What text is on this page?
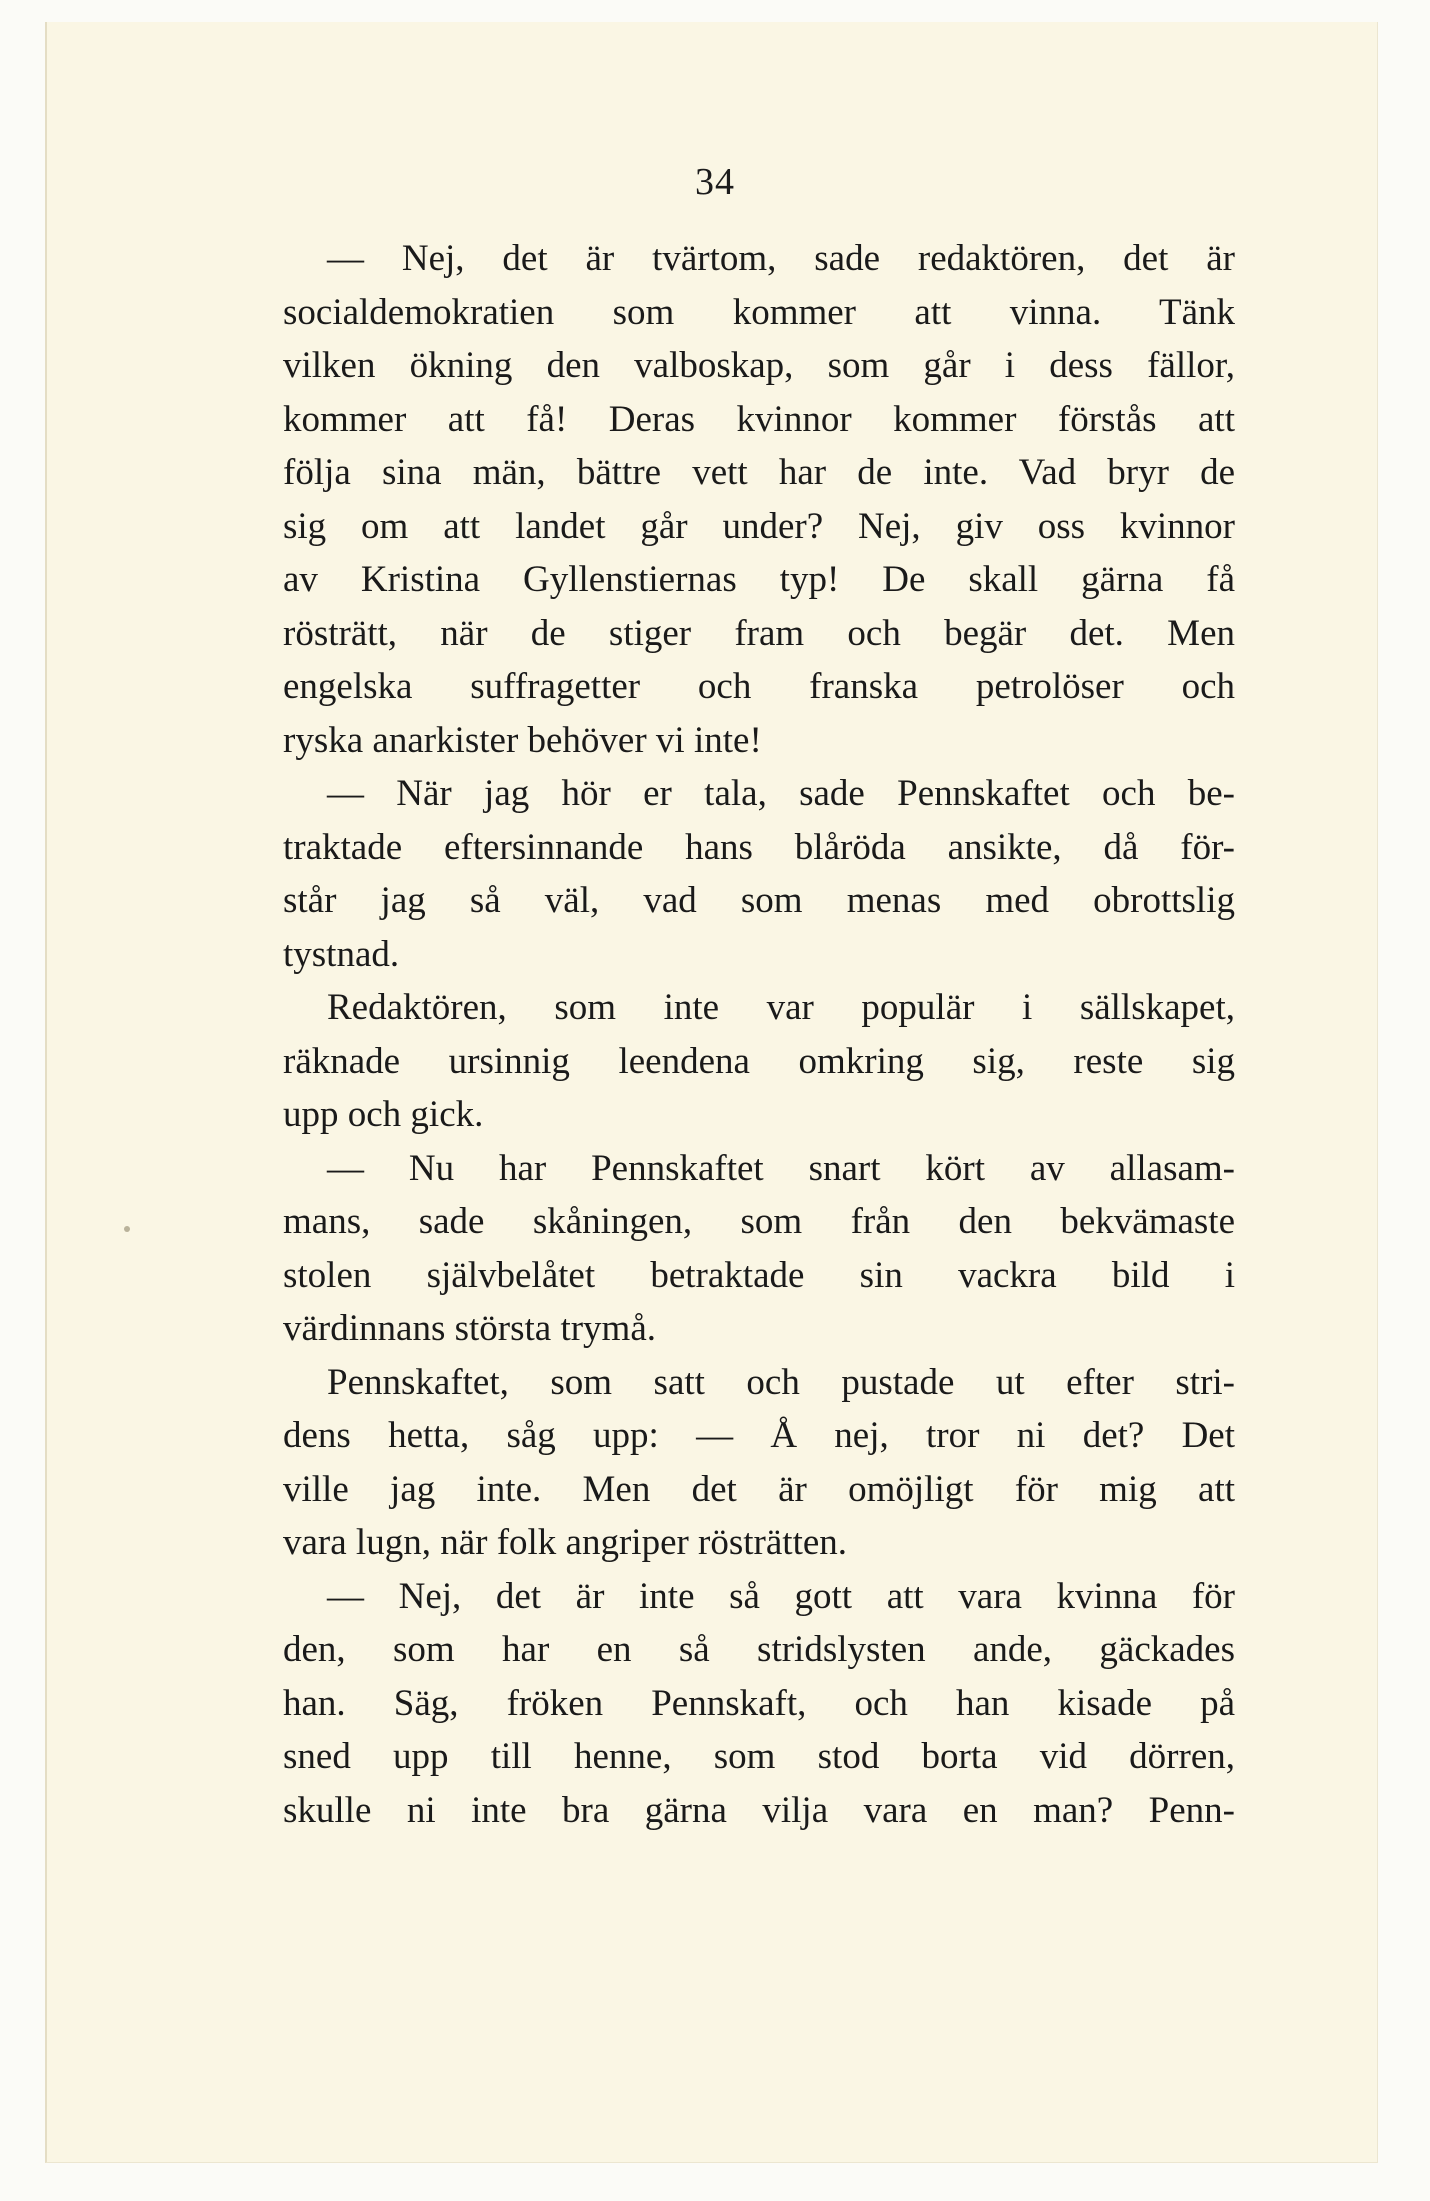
34
— Nej, det är tvärtom, sade redaktören, det är
socialdemokratien som kommer att vinna. Tänk
vilken ökning den valboskap, som går i dess fällor,
kommer att få! Deras kvinnor kommer förstås att
följa sina män, bättre vett har de inte. Vad bryr de
sig om att landet går under? Nej, giv oss kvinnor
av Kristina Gyllenstiernas typ! De skall gärna få
rösträtt, när de stiger fram och begär det. Men
engelska suffragetter och franska petrolöser och
ryska anarkister behöver vi inte!
— När jag hör er tala, sade Pennskaftet och be-
traktade eftersinnande hans blåröda ansikte, då för-
står jag så väl, vad som menas med obrottslig
tystnad.
Redaktören, som inte var populär i sällskapet,
räknade ursinnig leendena omkring sig, reste sig
upp och gick.
— Nu har Pennskaftet snart kört av allasam-
mans, sade skåningen, som från den bekvämaste
stolen självbelåtet betraktade sin vackra bild i
värdinnans största trymå.
Pennskaftet, som satt och pustade ut efter stri-
dens hetta, såg upp: — Å nej, tror ni det? Det
ville jag inte. Men det är omöjligt för mig att
vara lugn, när folk angriper rösträtten.
— Nej, det är inte så gott att vara kvinna för
den, som har en så stridslysten ande, gäckades
han. Säg, fröken Pennskaft, och han kisade på
sned upp till henne, som stod borta vid dörren,
skulle ni inte bra gärna vilja vara en man? Penn-
